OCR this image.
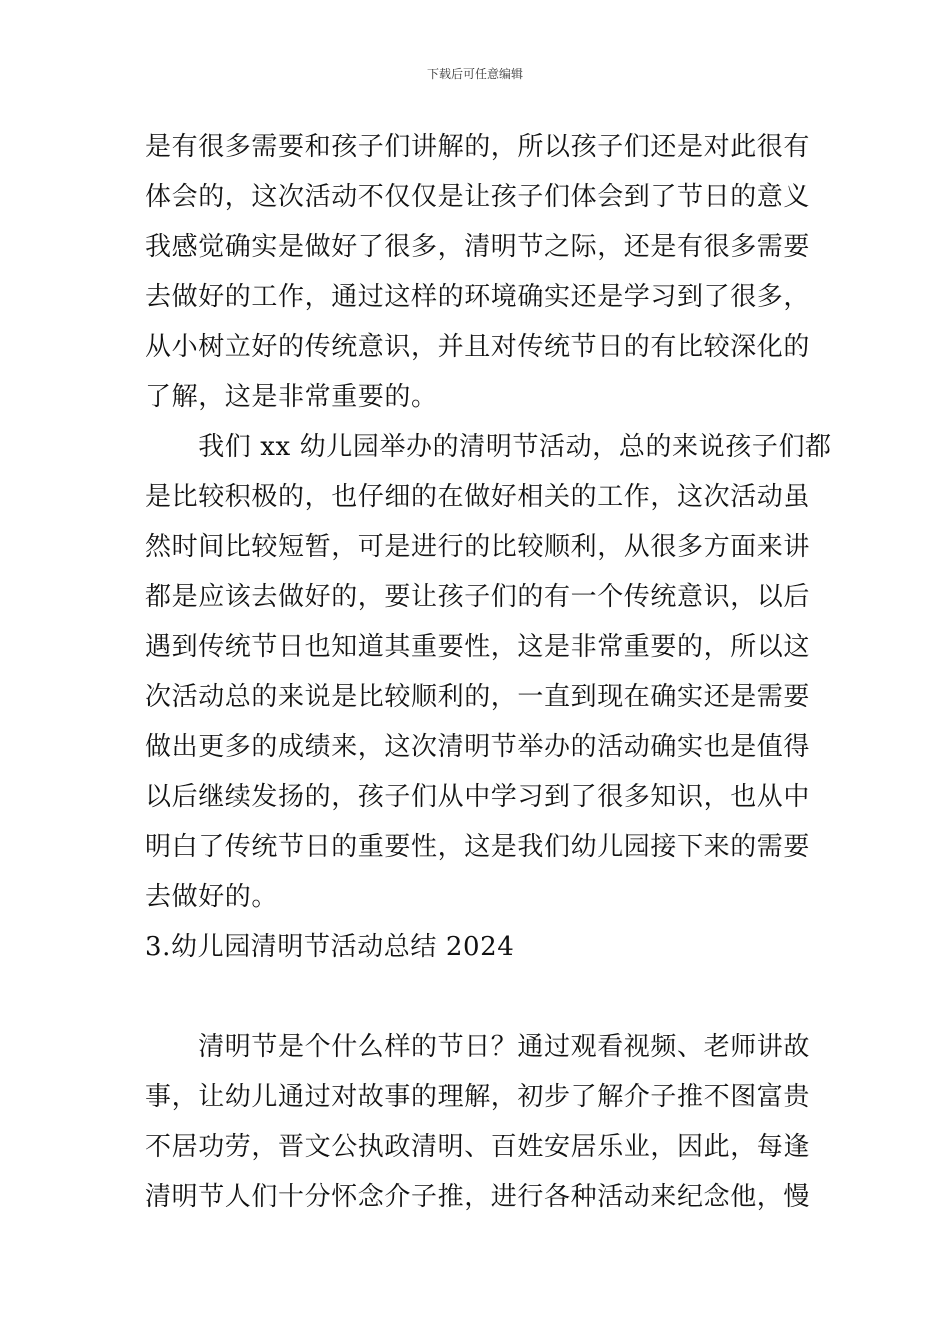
下载后可任意编辑
是有很多需要和孩子们讲解的，所以孩子们还是对此很有
体会的，这次活动不仅仅是让孩子们体会到了节日的意义
我感觉确实是做好了很多，清明节之际，还是有很多需要
去做好的工作，通过这样的环境确实还是学习到了很多，
从小树立好的传统意识，并且对传统节日的有比较深化的
了解，这是非常重要的。
　　我们 xx 幼儿园举办的清明节活动，总的来说孩子们都
是比较积极的，也仔细的在做好相关的工作，这次活动虽
然时间比较短暂，可是进行的比较顺利，从很多方面来讲
都是应该去做好的，要让孩子们的有一个传统意识，以后
遇到传统节日也知道其重要性，这是非常重要的，所以这
次活动总的来说是比较顺利的，一直到现在确实还是需要
做出更多的成绩来，这次清明节举办的活动确实也是值得
以后继续发扬的，孩子们从中学习到了很多知识，也从中
明白了传统节日的重要性，这是我们幼儿园接下来的需要
去做好的。
3.幼儿园清明节活动总结 2024
　　清明节是个什么样的节日？通过观看视频、老师讲故
事，让幼儿通过对故事的理解，初步了解介子推不图富贵
不居功劳，晋文公执政清明、百姓安居乐业，因此，每逢
清明节人们十分怀念介子推，进行各种活动来纪念他，慢
